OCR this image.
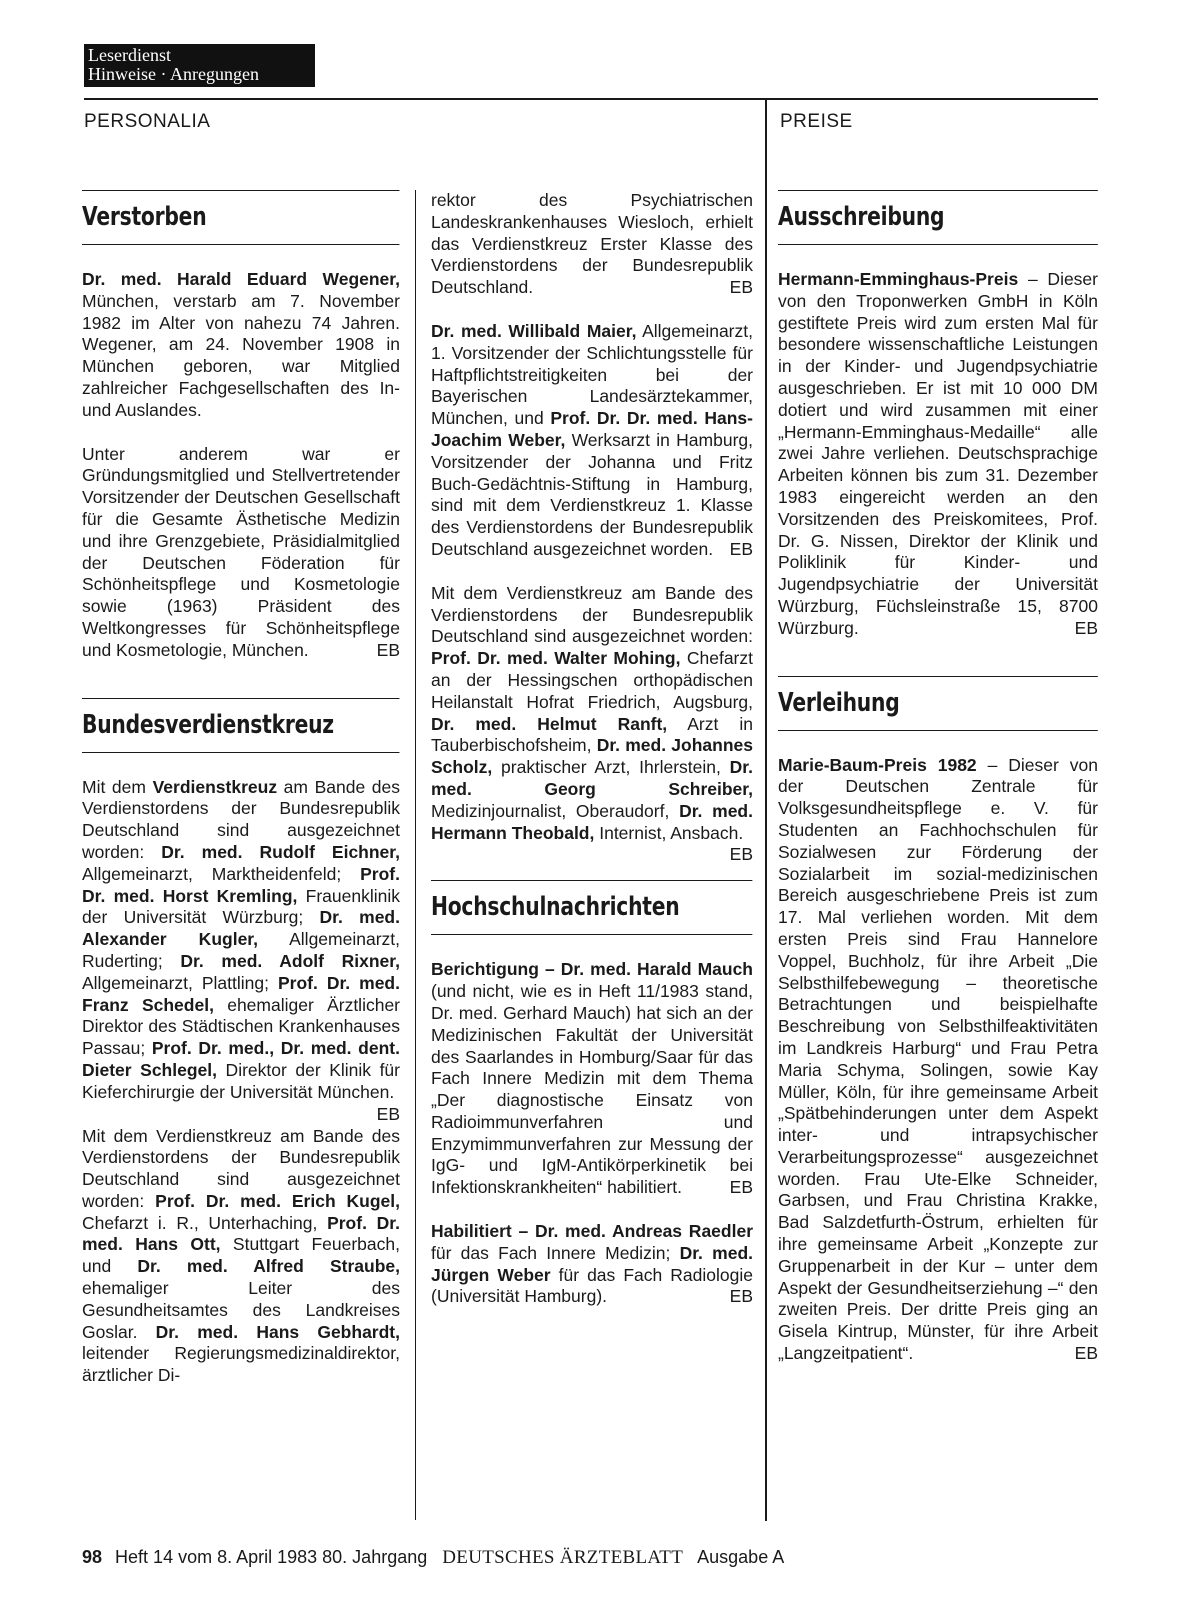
Leserdienst
Hinweise · Anregungen
PERSONALIA	PREISE
Verstorben

Dr. med. Harald Eduard Wegener, München, verstarb am 7. November 1982 im Alter von nahezu 74 Jahren. Wegener, am 24. November 1908 in München geboren, war Mitglied zahlreicher Fachgesellschaften des In- und Auslandes.

Unter anderem war er Gründungsmitglied und Stellvertretender Vorsitzender der Deutschen Gesellschaft für die Gesamte Ästhetische Medizin und ihre Grenzgebiete, Präsidialmitglied der Deutschen Föderation für Schönheitspflege und Kosmetologie sowie (1963) Präsident des Weltkongresses für Schönheitspflege und Kosmetologie, München.	EB

Bundesverdienstkreuz

Mit dem Verdienstkreuz am Bande des Verdienstordens der Bundesrepublik Deutschland sind ausgezeichnet worden: Dr. med. Rudolf Eichner, Allgemeinarzt, Marktheidenfeld; Prof. Dr. med. Horst Kremling, Frauenklinik der Universität Würzburg; Dr. med. Alexander Kugler, Allgemeinarzt, Ruderting; Dr. med. Adolf Rixner, Allgemeinarzt, Plattling; Prof. Dr. med. Franz Schedel, ehemaliger Ärztlicher Direktor des Städtischen Krankenhauses Passau; Prof. Dr. med., Dr. med. dent. Dieter Schlegel, Direktor der Klinik für Kieferchirurgie der Universität München.
EB

Mit dem Verdienstkreuz am Bande des Verdienstordens der Bundesrepublik Deutschland sind ausgezeichnet worden: Prof. Dr. med. Erich Kugel, Chefarzt i. R., Unterhaching, Prof. Dr. med. Hans Ott, Stuttgart Feuerbach, und Dr. med. Alfred Straube, ehemaliger Leiter des Gesundheitsamtes des Landkreises Goslar. Dr. med. Hans Gebhardt, leitender Regierungsmedizinaldirektor, ärztlicher Di-

rektor des Psychiatrischen Landeskrankenhauses Wiesloch, erhielt das Verdienstkreuz Erster Klasse des Verdienstordens der Bundesrepublik Deutschland.	EB

Dr. med. Willibald Maier, Allgemeinarzt, 1. Vorsitzender der Schlichtungsstelle für Haftpflichtstreitigkeiten bei der Bayerischen Landesärztekammer, München, und Prof. Dr. Dr. med. Hans-Joachim Weber, Werksarzt in Hamburg, Vorsitzender der Johanna und Fritz Buch-Gedächtnis-Stiftung in Hamburg, sind mit dem Verdienstkreuz 1. Klasse des Verdienstordens der Bundesrepublik Deutschland ausgezeichnet worden. EB

Mit dem Verdienstkreuz am Bande des Verdienstordens der Bundesrepublik Deutschland sind ausgezeichnet worden: Prof. Dr. med. Walter Mohing, Chefarzt an der Hessingschen orthopädischen Heilanstalt Hofrat Friedrich, Augsburg, Dr. med. Helmut Ranft, Arzt in Tauberbischofsheim, Dr. med. Johannes Scholz, praktischer Arzt, Ihrlerstein, Dr. med. Georg Schreiber, Medizinjournalist, Oberaudorf, Dr. med. Hermann Theobald, Internist, Ansbach.
EB

Hochschulnachrichten

Berichtigung – Dr. med. Harald Mauch (und nicht, wie es in Heft 11/1983 stand, Dr. med. Gerhard Mauch) hat sich an der Medizinischen Fakultät der Universität des Saarlandes in Homburg/Saar für das Fach Innere Medizin mit dem Thema „Der diagnostische Einsatz von Radioimmunverfahren und Enzymimmunverfahren zur Messung der IgG- und IgM-Antikörperkinetik bei Infektionskrankheiten“ habilitiert.	EB

Habilitiert – Dr. med. Andreas Raedler für das Fach Innere Medizin; Dr. med. Jürgen Weber für das Fach Radiologie (Universität Hamburg).	EB

Ausschreibung

Hermann-Emminghaus-Preis – Dieser von den Troponwerken GmbH in Köln gestiftete Preis wird zum ersten Mal für besondere wissenschaftliche Leistungen in der Kinder- und Jugendpsychiatrie ausgeschrieben. Er ist mit 10 000 DM dotiert und wird zusammen mit einer „Hermann-Emminghaus-Medaille“ alle zwei Jahre verliehen. Deutschsprachige Arbeiten können bis zum 31. Dezember 1983 eingereicht werden an den Vorsitzenden des Preiskomitees, Prof. Dr. G. Nissen, Direktor der Klinik und Poliklinik für Kinder- und Jugendpsychiatrie der Universität Würzburg, Füchsleinstraße 15, 8700 Würzburg.	EB

Verleihung

Marie-Baum-Preis 1982 – Dieser von der Deutschen Zentrale für Volksgesundheitspflege e. V. für Studenten an Fachhochschulen für Sozialwesen zur Förderung der Sozialarbeit im sozial-medizinischen Bereich ausgeschriebene Preis ist zum 17. Mal verliehen worden. Mit dem ersten Preis sind Frau Hannelore Voppel, Buchholz, für ihre Arbeit „Die Selbsthilfebewegung – theoretische Betrachtungen und beispielhafte Beschreibung von Selbsthilfeaktivitäten im Landkreis Harburg“ und Frau Petra Maria Schyma, Solingen, sowie Kay Müller, Köln, für ihre gemeinsame Arbeit „Spätbehinderungen unter dem Aspekt inter- und intrapsychischer Verarbeitungsprozesse“ ausgezeichnet worden. Frau Ute-Elke Schneider, Garbsen, und Frau Christina Krakke, Bad Salzdetfurth-Östrum, erhielten für ihre gemeinsame Arbeit „Konzepte zur Gruppenarbeit in der Kur – unter dem Aspekt der Gesundheitserziehung –“ den zweiten Preis. Der dritte Preis ging an Gisela Kintrup, Münster, für ihre Arbeit „Langzeitpatient“.	EB

98 Heft 14 vom 8. April 1983 80. Jahrgang DEUTSCHES ÄRZTEBLATT Ausgabe A
